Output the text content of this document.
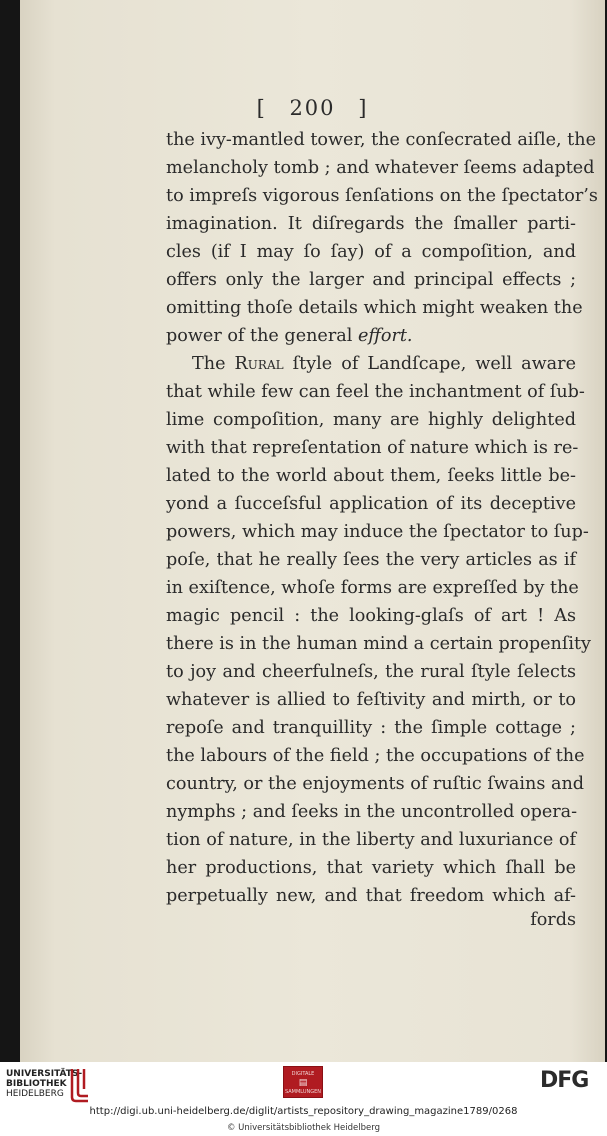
[ 200 ]
the ivy-mantled tower, the conſecrated aiſle, the
melancholy tomb ; and whatever ſeems adapted
to impreſs vigorous ſenſations on the ſpectator’s
imagination. It diſregards the ſmaller parti-
cles (if I may ſo ſay) of a compoſition, and
offers only the larger and principal effects ;
omitting thoſe details which might weaken the
power of the general effort.
The Rural ſtyle of Landſcape, well aware
that while few can feel the inchantment of ſub-
lime compoſition, many are highly delighted
with that repreſentation of nature which is re-
lated to the world about them, ſeeks little be-
yond a ſucceſsful application of its deceptive
powers, which may induce the ſpectator to ſup-
poſe, that he really ſees the very articles as if
in exiſtence, whoſe forms are expreſſed by the
magic pencil : the looking-glaſs of art ! As
there is in the human mind a certain propenſity
to joy and cheerfulneſs, the rural ſtyle ſelects
whatever is allied to feſtivity and mirth, or to
repoſe and tranquillity : the ſimple cottage ;
the labours of the field ; the occupations of the
country, or the enjoyments of ruſtic ſwains and
nymphs ; and ſeeks in the uncontrolled opera-
tion of nature, in the liberty and luxuriance of
her productions, that variety which ſhall be
perpetually new, and that freedom which af-
fords
UNIVERSITÄTS-
BIBLIOTHEK
HEIDELBERG
DIGITALE
▤
SAMMLUNGEN	DFG
http://digi.ub.uni-heidelberg.de/diglit/artists_repository_drawing_magazine1789/0268
© Universitätsbibliothek Heidelberg
